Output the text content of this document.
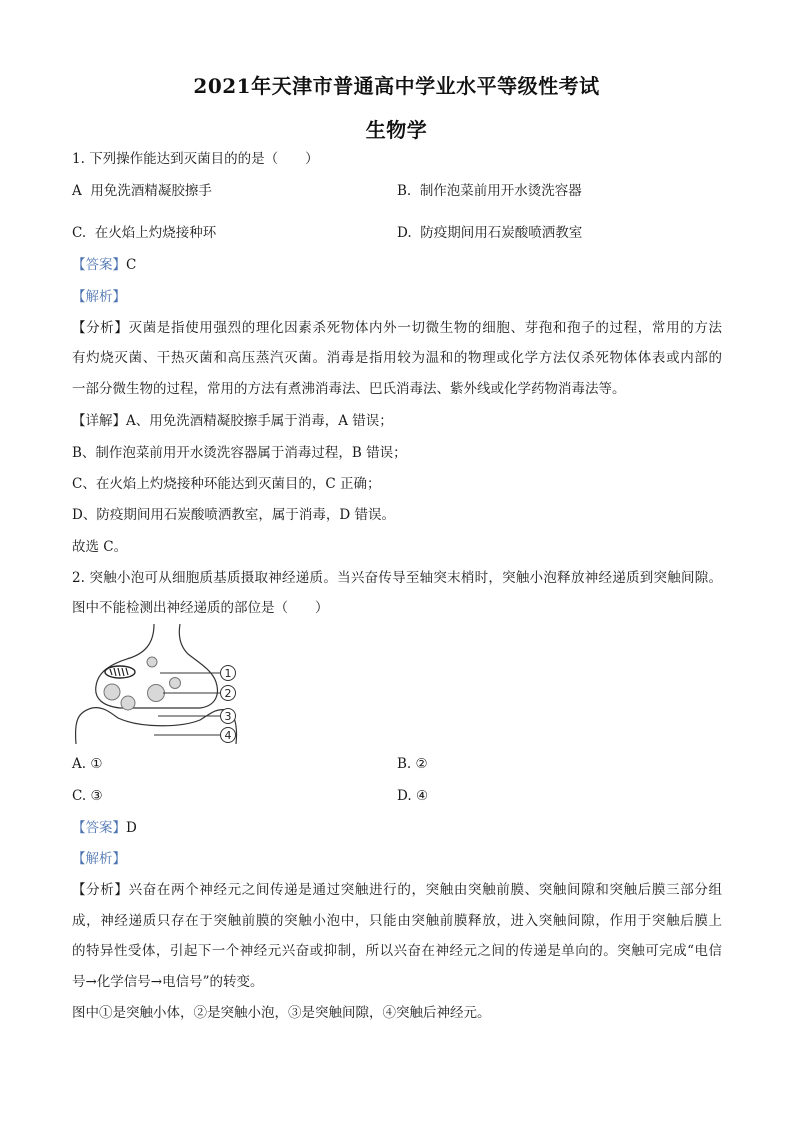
2021年天津市普通高中学业水平等级性考试
生物学
1. 下列操作能达到灭菌目的的是（　　）
A 用免洗酒精凝胶擦手	B. 制作泡菜前用开水烫洗容器
C. 在火焰上灼烧接种环	D. 防疫期间用石炭酸喷洒教室
【答案】C
【解析】
【分析】灭菌是指使用强烈的理化因素杀死物体内外一切微生物的细胞、芽孢和孢子的过程，常用的方法
有灼烧灭菌、干热灭菌和高压蒸汽灭菌。消毒是指用较为温和的物理或化学方法仅杀死物体体表或内部的
一部分微生物的过程，常用的方法有煮沸消毒法、巴氏消毒法、紫外线或化学药物消毒法等。
【详解】A、用免洗酒精凝胶擦手属于消毒，A 错误；
B、制作泡菜前用开水烫洗容器属于消毒过程，B 错误；
C、在火焰上灼烧接种环能达到灭菌目的，C 正确；
D、防疫期间用石炭酸喷洒教室，属于消毒，D 错误。
故选 C。
2. 突触小泡可从细胞质基质摄取神经递质。当兴奋传导至轴突末梢时，突触小泡释放神经递质到突触间隙。
图中不能检测出神经递质的部位是（　　）
1
2
3
4
A. ①	B. ②
C. ③	D. ④
【答案】D
【解析】
【分析】兴奋在两个神经元之间传递是通过突触进行的，突触由突触前膜、突触间隙和突触后膜三部分组
成，神经递质只存在于突触前膜的突触小泡中，只能由突触前膜释放，进入突触间隙，作用于突触后膜上
的特异性受体，引起下一个神经元兴奋或抑制，所以兴奋在神经元之间的传递是单向的。突触可完成“电信
号→化学信号→电信号”的转变。
图中①是突触小体，②是突触小泡，③是突触间隙，④突触后神经元。
